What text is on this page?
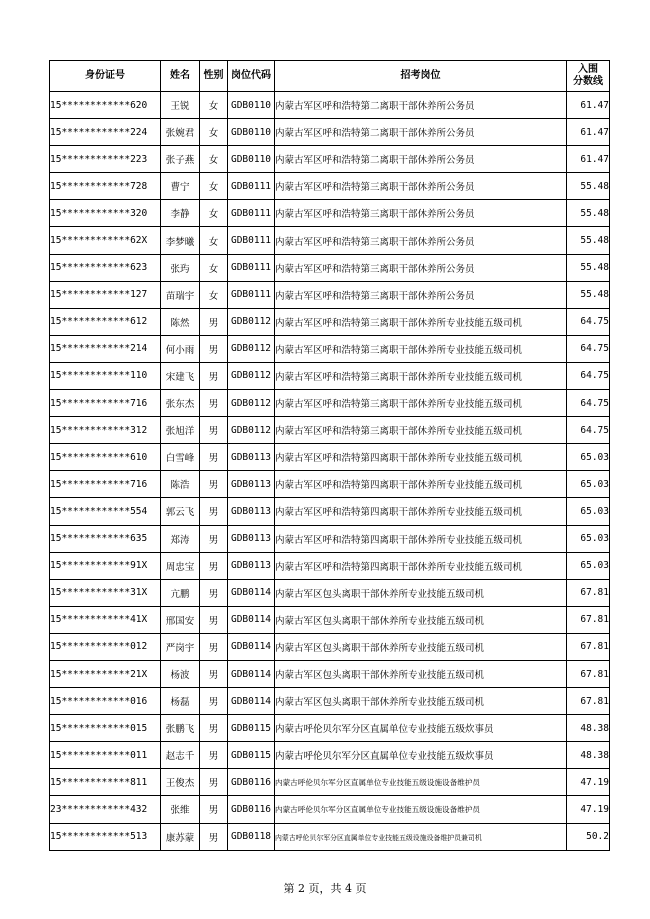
身份证号	姓名	性别	岗位代码	招考岗位	入围
分数线
15************620	王锐	女	GDB0110	内蒙古军区呼和浩特第二离职干部休养所公务员	61.47
15************224	张婉君	女	GDB0110	内蒙古军区呼和浩特第二离职干部休养所公务员	61.47
15************223	张子燕	女	GDB0110	内蒙古军区呼和浩特第二离职干部休养所公务员	61.47
15************728	曹宁	女	GDB0111	内蒙古军区呼和浩特第三离职干部休养所公务员	55.48
15************320	李静	女	GDB0111	内蒙古军区呼和浩特第三离职干部休养所公务员	55.48
15************62X	李梦曦	女	GDB0111	内蒙古军区呼和浩特第三离职干部休养所公务员	55.48
15************623	张玙	女	GDB0111	内蒙古军区呼和浩特第三离职干部休养所公务员	55.48
15************127	苗瑞宇	女	GDB0111	内蒙古军区呼和浩特第三离职干部休养所公务员	55.48
15************612	陈然	男	GDB0112	内蒙古军区呼和浩特第三离职干部休养所专业技能五级司机	64.75
15************214	何小雨	男	GDB0112	内蒙古军区呼和浩特第三离职干部休养所专业技能五级司机	64.75
15************110	宋建飞	男	GDB0112	内蒙古军区呼和浩特第三离职干部休养所专业技能五级司机	64.75
15************716	张东杰	男	GDB0112	内蒙古军区呼和浩特第三离职干部休养所专业技能五级司机	64.75
15************312	张旭洋	男	GDB0112	内蒙古军区呼和浩特第三离职干部休养所专业技能五级司机	64.75
15************610	白雪峰	男	GDB0113	内蒙古军区呼和浩特第四离职干部休养所专业技能五级司机	65.03
15************716	陈浩	男	GDB0113	内蒙古军区呼和浩特第四离职干部休养所专业技能五级司机	65.03
15************554	郭云飞	男	GDB0113	内蒙古军区呼和浩特第四离职干部休养所专业技能五级司机	65.03
15************635	郑涛	男	GDB0113	内蒙古军区呼和浩特第四离职干部休养所专业技能五级司机	65.03
15************91X	周忠宝	男	GDB0113	内蒙古军区呼和浩特第四离职干部休养所专业技能五级司机	65.03
15************31X	亢鹏	男	GDB0114	内蒙古军区包头离职干部休养所专业技能五级司机	67.81
15************41X	邢国安	男	GDB0114	内蒙古军区包头离职干部休养所专业技能五级司机	67.81
15************012	严岗宇	男	GDB0114	内蒙古军区包头离职干部休养所专业技能五级司机	67.81
15************21X	杨波	男	GDB0114	内蒙古军区包头离职干部休养所专业技能五级司机	67.81
15************016	杨磊	男	GDB0114	内蒙古军区包头离职干部休养所专业技能五级司机	67.81
15************015	张鹏飞	男	GDB0115	内蒙古呼伦贝尔军分区直属单位专业技能五级炊事员	48.38
15************011	赵志千	男	GDB0115	内蒙古呼伦贝尔军分区直属单位专业技能五级炊事员	48.38
15************811	王俊杰	男	GDB0116	内蒙古呼伦贝尔军分区直属单位专业技能五级设施设备维护员	47.19
23************432	张维	男	GDB0116	内蒙古呼伦贝尔军分区直属单位专业技能五级设施设备维护员	47.19
15************513	康苏蒙	男	GDB0118	内蒙古呼伦贝尔军分区直属单位专业技能五级设施设备维护员兼司机	50.2
第 2 页，共 4 页
